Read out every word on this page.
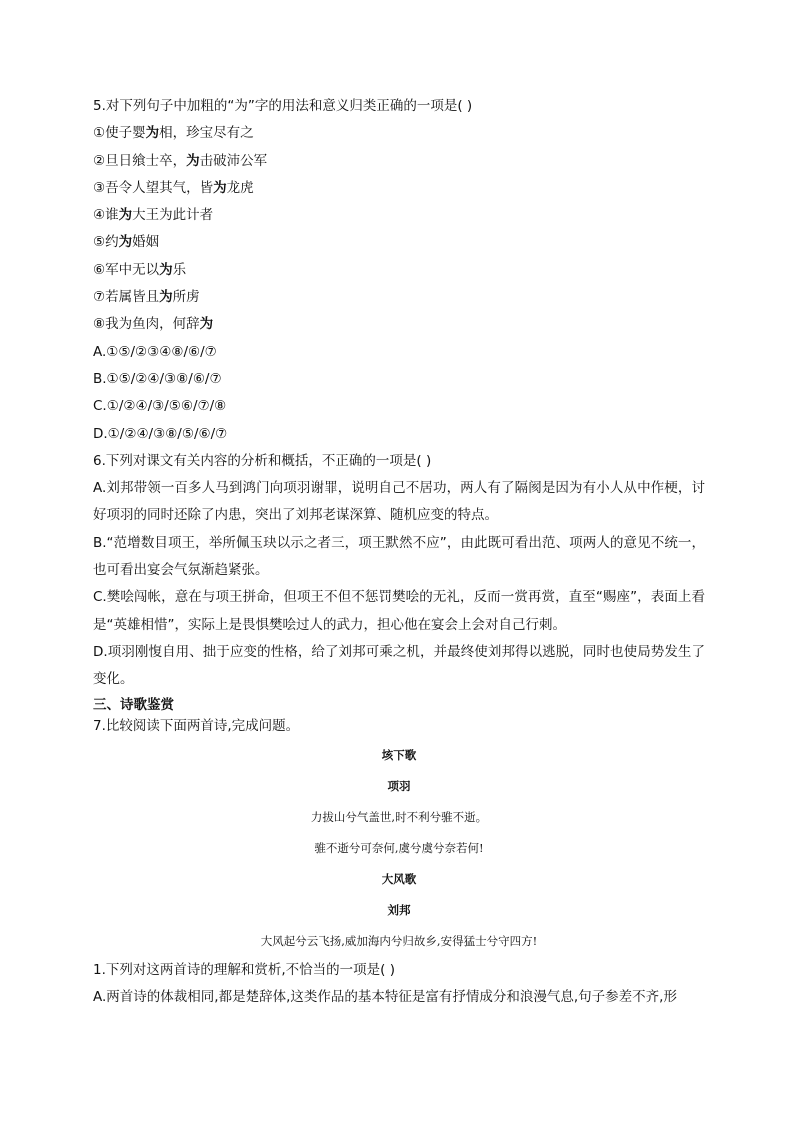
5.对下列句子中加粗的“为”字的用法和意义归类正确的一项是( )
①使子婴为相，珍宝尽有之
②旦日飨士卒，为击破沛公军
③吾令人望其气，皆为龙虎
④谁为大王为此计者
⑤约为婚姻
⑥军中无以为乐
⑦若属皆且为所虏
⑧我为鱼肉，何辞为
A.①⑤/②③④⑧/⑥/⑦
B.①⑤/②④/③⑧/⑥/⑦
C.①/②④/③/⑤⑥/⑦/⑧
D.①/②④/③⑧/⑤/⑥/⑦
6.下列对课文有关内容的分析和概括，不正确的一项是( )
A.刘邦带领一百多人马到鸿门向项羽谢罪，说明自己不居功，两人有了隔阂是因为有小人从中作梗，讨好项羽的同时还除了内患，突出了刘邦老谋深算、随机应变的特点。
B.“范增数目项王，举所佩玉玦以示之者三，项王默然不应”，由此既可看出范、项两人的意见不统一，也可看出宴会气氛渐趋紧张。
C.樊哙闯帐，意在与项王拼命，但项王不但不惩罚樊哙的无礼，反而一赏再赏，直至“赐座”，表面上看是“英雄相惜”，实际上是畏惧樊哙过人的武力，担心他在宴会上会对自己行刺。
D.项羽刚愎自用、拙于应变的性格，给了刘邦可乘之机，并最终使刘邦得以逃脱，同时也使局势发生了变化。
三、诗歌鉴赏
7.比较阅读下面两首诗,完成问题。
垓下歌
项羽
力拔山兮气盖世,时不利兮骓不逝。
骓不逝兮可奈何,虞兮虞兮奈若何!
大风歌
刘邦
大风起兮云飞扬,威加海内兮归故乡,安得猛士兮守四方!
1.下列对这两首诗的理解和赏析,不恰当的一项是( )
A.两首诗的体裁相同,都是楚辞体,这类作品的基本特征是富有抒情成分和浪漫气息,句子参差不齐,形
